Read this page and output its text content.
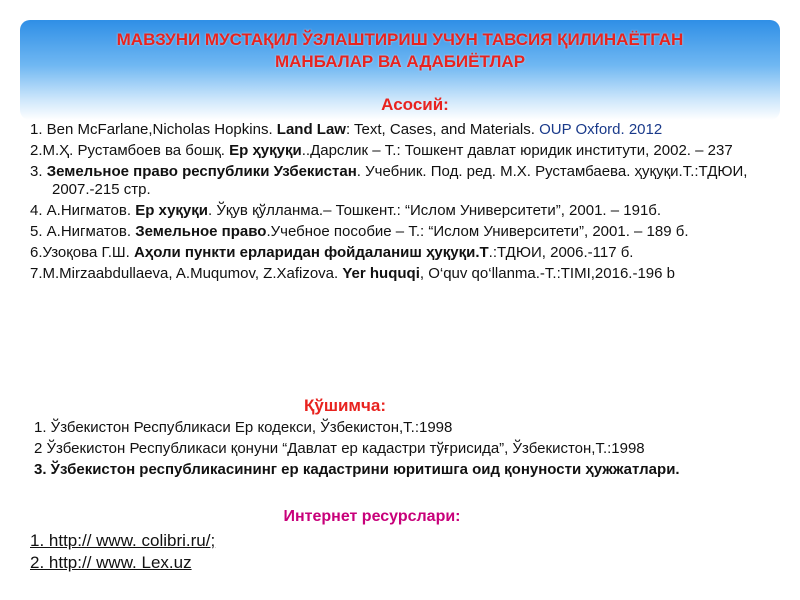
МАВЗУНИ МУСТАҚИЛ ЎЗЛАШТИРИШ УЧУН ТАВСИЯ ҚИЛИНАЁТГАН
МАНБАЛАР ВА АДАБИЁТЛАР
Асосий:
1. Ben McFarlane,Nicholas Hopkins. Land Law: Text, Cases, and Materials. OUP Oxford. 2012
2.М.Ҳ. Рустамбоев ва бошқ. Ер ҳуқуқи..Дарслик – Т.: Тошкент давлат юридик институти, 2002. – 237
3. Земельное право республики Узбекистан. Учебник. Под. ред. М.Х. Рустамбаева. ҳуқуқи.Т.:ТДЮИ, 2007.-215 стр.
4. А.Нигматов. Ер хуқуқи. Ўқув қўлланма.– Тошкент.: “Ислом Университети”, 2001. – 191б.
5. А.Нигматов. Земельное право.Учебное пособие – Т.: “Ислом Университети”, 2001. – 189 б.
6.Узоқова Г.Ш. Аҳоли пункти ерларидан фойдаланиш ҳуқуқи.Т.:ТДЮИ, 2006.-117 б.
7.M.Mirzaabdullaeva, A.Muqumov, Z.Xafizova. Yer huquqi, O‘quv qo‘llanma.-T.:TIMI,2016.-196 b
Қўшимча:
1. Ўзбекистон Республикаси Ер кодекси, Ўзбекистон,Т.:1998
2 Ўзбекистон Республикаси қонуни “Давлат ер кадастри тўғрисида”, Ўзбекистон,Т.:1998
3. Ўзбекистон республикасининг ер кадастрини юритишга оид қонуности ҳужжатлари.
Интернет ресурслари:
1. http:// www. colibri.ru/;
2. http:// www. Lex.uz
